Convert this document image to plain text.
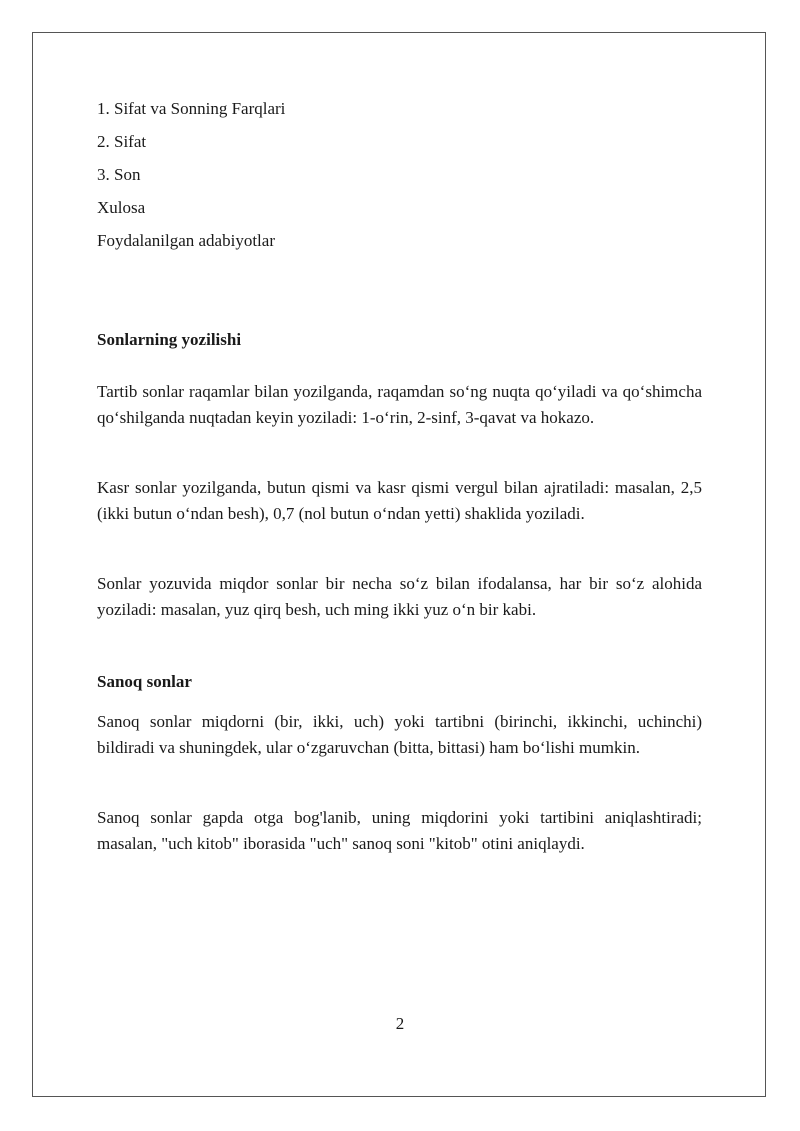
1. Sifat va Sonning Farqlari

2. Sifat

3. Son

Xulosa

Foydalanilgan adabiyotlar

Sonlarning yozilishi

Tartib sonlar raqamlar bilan yozilganda, raqamdan so‘ng nuqta qo‘yiladi va qo‘shimcha qo‘shilganda nuqtadan keyin yoziladi: 1-o‘rin, 2-sinf, 3-qavat va hokazo.

Kasr sonlar yozilganda, butun qismi va kasr qismi vergul bilan ajratiladi: masalan, 2,5 (ikki butun o‘ndan besh), 0,7 (nol butun o‘ndan yetti) shaklida yoziladi.

Sonlar yozuvida miqdor sonlar bir necha so‘z bilan ifodalansa, har bir so‘z alohida yoziladi: masalan, yuz qirq besh, uch ming ikki yuz o‘n bir kabi.

Sanoq sonlar

Sanoq sonlar miqdorni (bir, ikki, uch) yoki tartibni (birinchi, ikkinchi, uchinchi) bildiradi va shuningdek, ular o‘zgaruvchan (bitta, bittasi) ham bo‘lishi mumkin.

Sanoq sonlar gapda otga bog'lanib, uning miqdorini yoki tartibini aniqlashtiradi; masalan, "uch kitob" iborasida "uch" sanoq soni "kitob" otini aniqlaydi.

2
